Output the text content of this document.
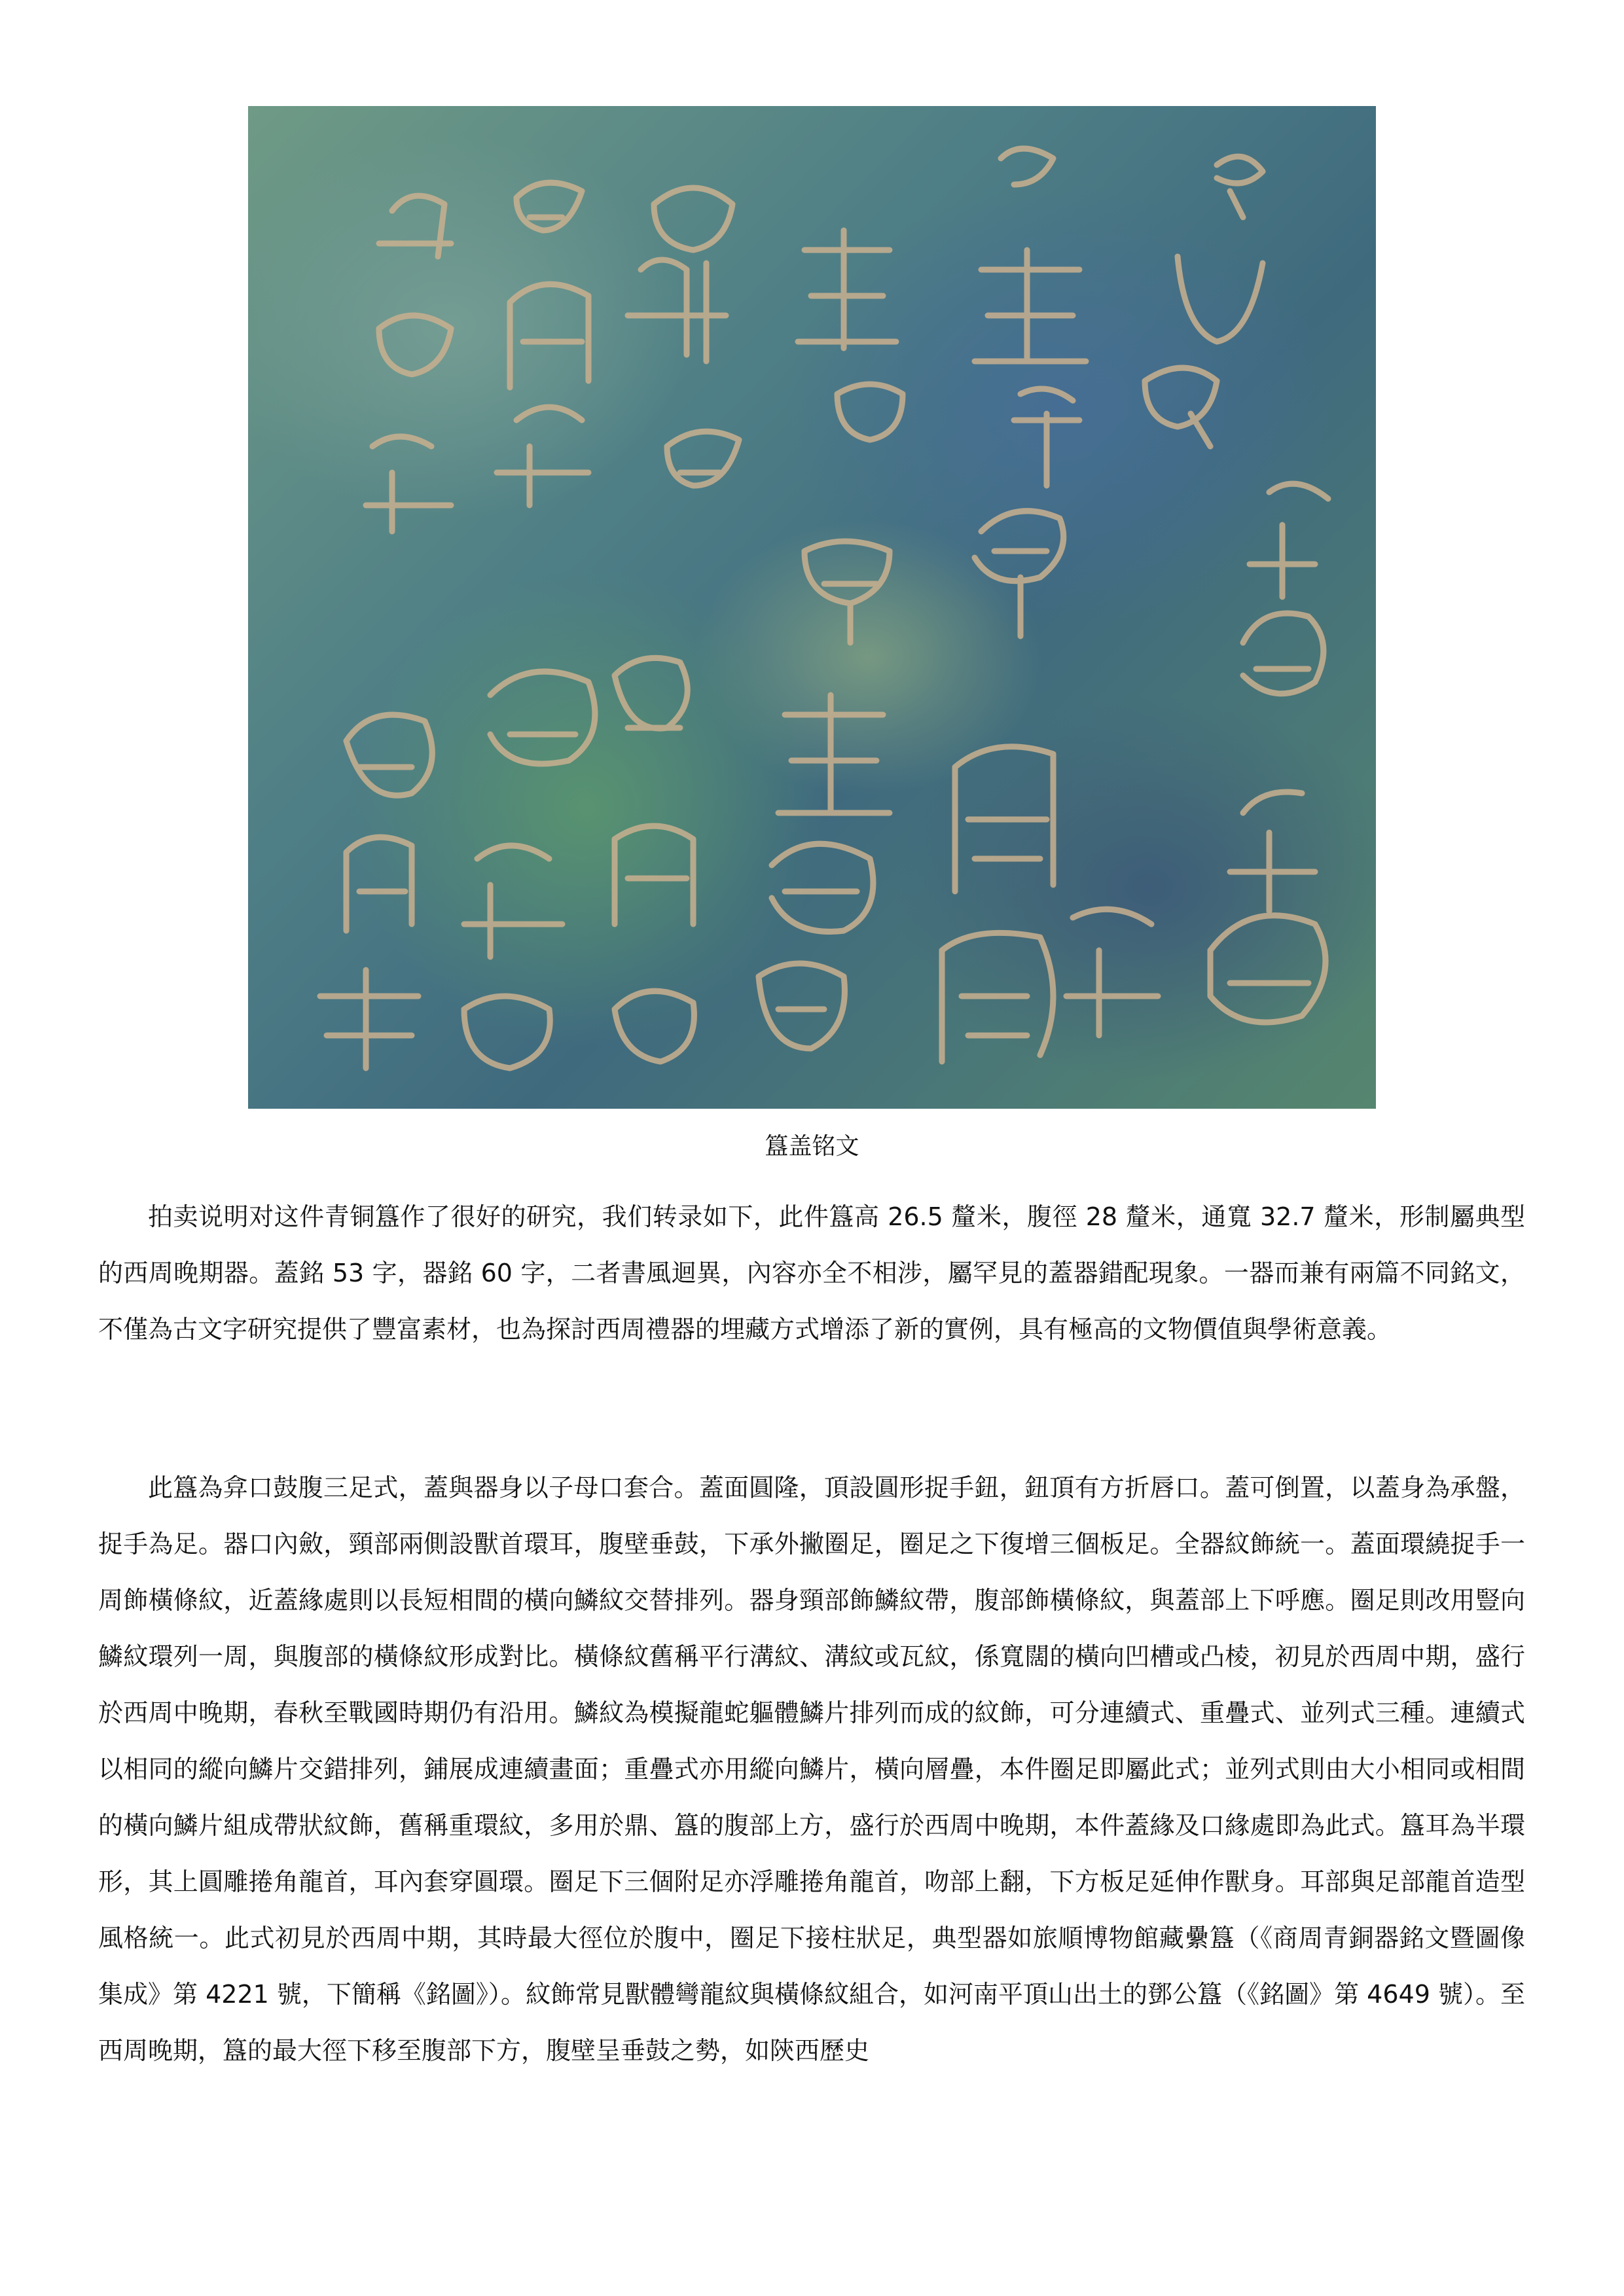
簋盖铭文

拍卖说明对这件青铜簋作了很好的研究，我们转录如下，此件簋高 26.5 釐米，腹徑 28 釐米，通寬 32.7 釐米，形制屬典型的西周晚期器。蓋銘 53 字，器銘 60 字，二者書風迴異，內容亦全不相涉，屬罕見的蓋器錯配現象。一器而兼有兩篇不同銘文，不僅為古文字研究提供了豐富素材，也為探討西周禮器的埋藏方式增添了新的實例，具有極高的文物價值與學術意義。

此簋為弇口鼓腹三足式，蓋與器身以子母口套合。蓋面圓隆，頂設圓形捉手鈕，鈕頂有方折唇口。蓋可倒置，以蓋身為承盤，捉手為足。器口內斂，頸部兩側設獸首環耳，腹壁垂鼓，下承外撇圈足，圈足之下復增三個板足。全器紋飾統一。蓋面環繞捉手一周飾橫條紋，近蓋緣處則以長短相間的橫向鱗紋交替排列。器身頸部飾鱗紋帶，腹部飾橫條紋，與蓋部上下呼應。圈足則改用豎向鱗紋環列一周，與腹部的橫條紋形成對比。橫條紋舊稱平行溝紋、溝紋或瓦紋，係寬闊的橫向凹槽或凸棱，初見於西周中期，盛行於西周中晚期，春秋至戰國時期仍有沿用。鱗紋為模擬龍蛇軀體鱗片排列而成的紋飾，可分連續式、重疊式、並列式三種。連續式以相同的縱向鱗片交錯排列，鋪展成連續畫面；重疊式亦用縱向鱗片，橫向層疊，本件圈足即屬此式；並列式則由大小相同或相間的橫向鱗片組成帶狀紋飾，舊稱重環紋，多用於鼎、簋的腹部上方，盛行於西周中晚期，本件蓋緣及口緣處即為此式。簋耳為半環形，其上圓雕捲角龍首，耳內套穿圓環。圈足下三個附足亦浮雕捲角龍首，吻部上翻，下方板足延伸作獸身。耳部與足部龍首造型風格統一。此式初見於西周中期，其時最大徑位於腹中，圈足下接柱狀足，典型器如旅順博物館藏纍簋（《商周青銅器銘文暨圖像集成》第 4221 號，下簡稱《銘圖》）。紋飾常見獸體彎龍紋與橫條紋組合，如河南平頂山出土的鄧公簋（《銘圖》第 4649 號）。至西周晚期，簋的最大徑下移至腹部下方，腹壁呈垂鼓之勢，如陝西歷史
